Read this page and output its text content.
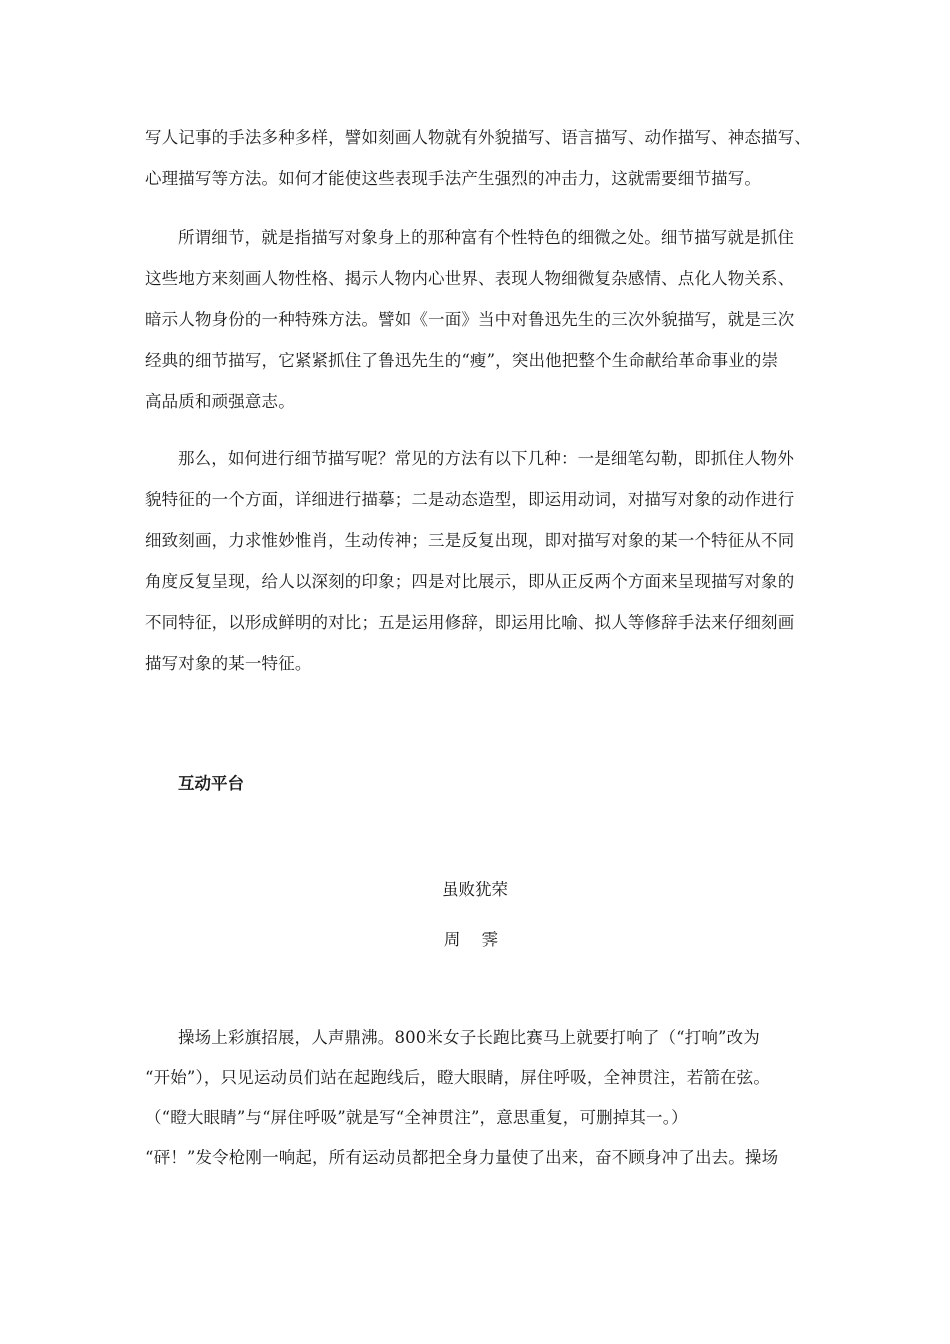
写人记事的手法多种多样，譬如刻画人物就有外貌描写、语言描写、动作描写、神态描写、
心理描写等方法。如何才能使这些表现手法产生强烈的冲击力，这就需要细节描写。
所谓细节，就是指描写对象身上的那种富有个性特色的细微之处。细节描写就是抓住
这些地方来刻画人物性格、揭示人物内心世界、表现人物细微复杂感情、点化人物关系、
暗示人物身份的一种特殊方法。譬如《一面》当中对鲁迅先生的三次外貌描写，就是三次
经典的细节描写，它紧紧抓住了鲁迅先生的“瘦”，突出他把整个生命献给革命事业的崇
高品质和顽强意志。
那么，如何进行细节描写呢？常见的方法有以下几种：一是细笔勾勒，即抓住人物外
貌特征的一个方面，详细进行描摹；二是动态造型，即运用动词，对描写对象的动作进行
细致刻画，力求惟妙惟肖，生动传神；三是反复出现，即对描写对象的某一个特征从不同
角度反复呈现，给人以深刻的印象；四是对比展示，即从正反两个方面来呈现描写对象的
不同特征，以形成鲜明的对比；五是运用修辞，即运用比喻、拟人等修辞手法来仔细刻画
描写对象的某一特征。
互动平台

虽败犹荣

周 霁

操场上彩旗招展，人声鼎沸。800米女子长跑比赛马上就要打响了（“打响”改为
“开始”），只见运动员们站在起跑线后，瞪大眼睛，屏住呼吸，全神贯注，若箭在弦。
（“瞪大眼睛”与“屏住呼吸”就是写“全神贯注”，意思重复，可删掉其一。）
“砰！”发令枪刚一响起，所有运动员都把全身力量使了出来，奋不顾身冲了出去。操场
